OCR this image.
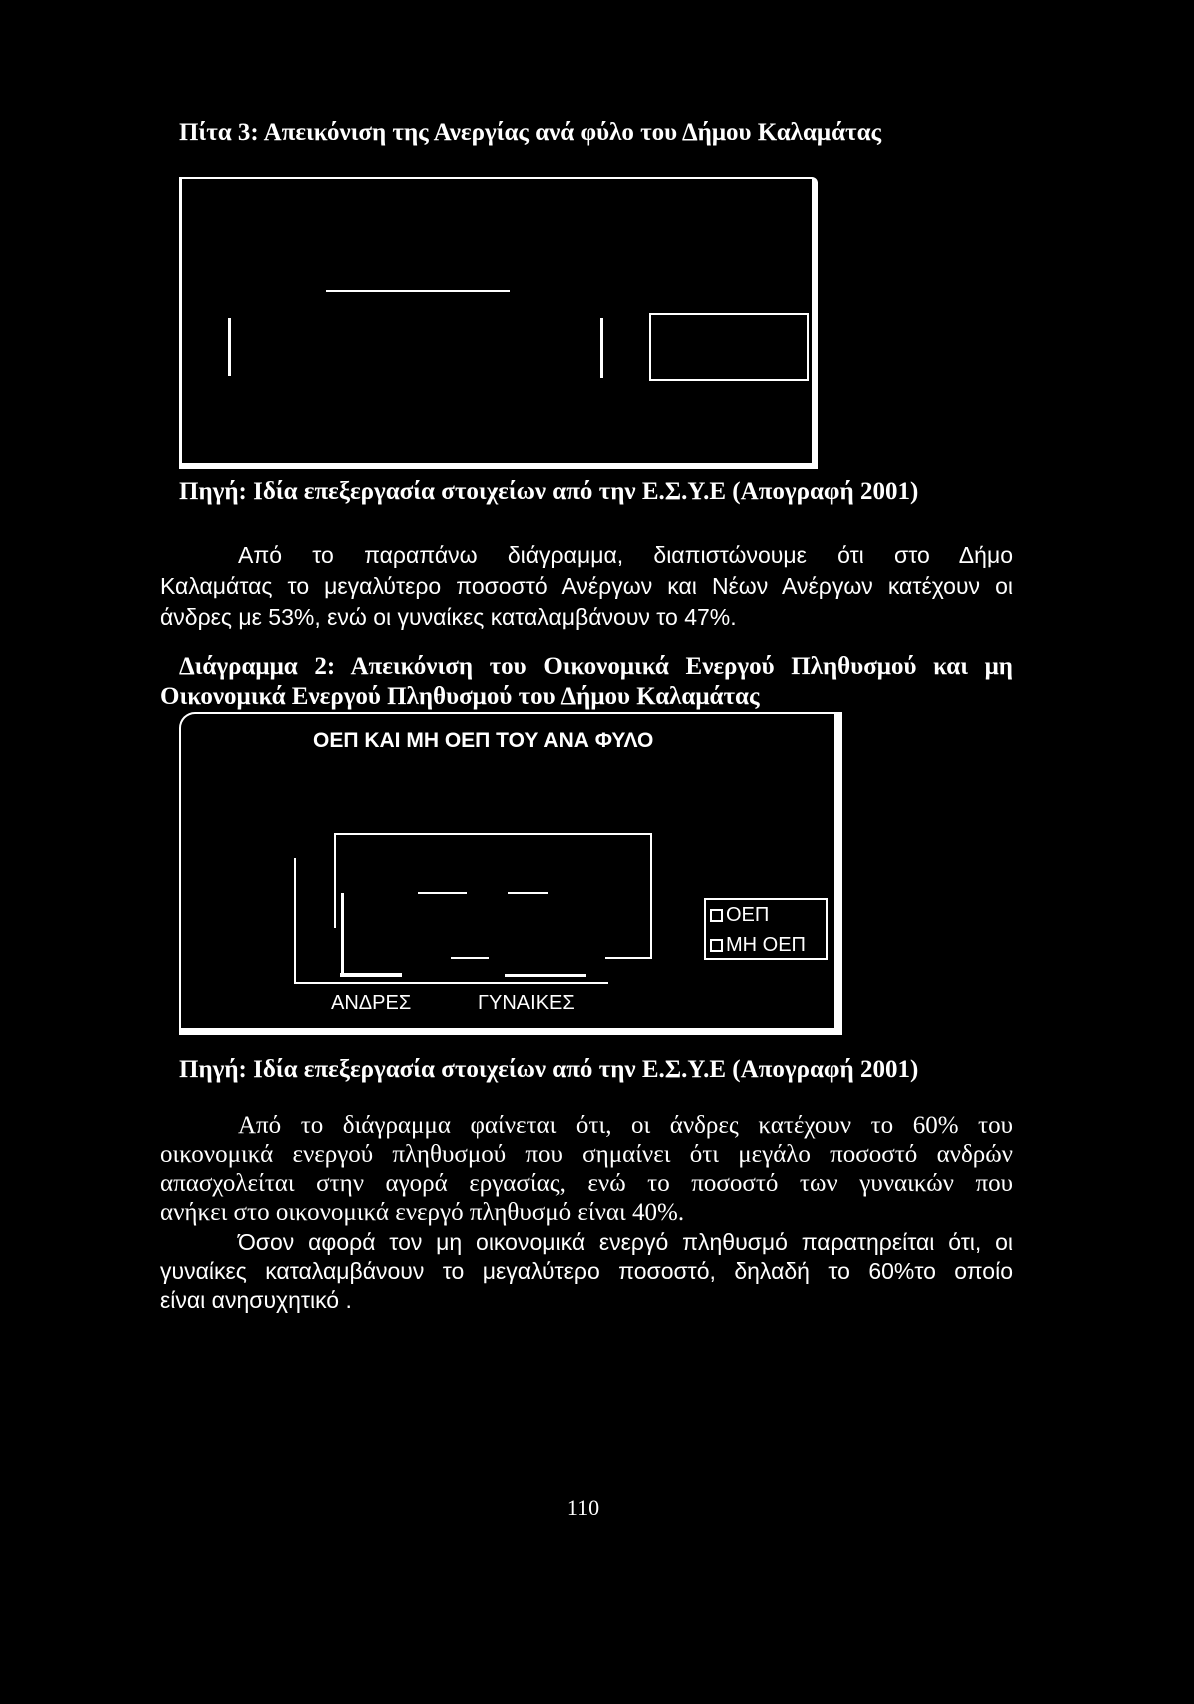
Πίτα 3: Απεικόνιση της Ανεργίας ανά φύλο του Δήμου Καλαμάτας
Πηγή: Ιδία επεξεργασία στοιχείων από την Ε.Σ.Υ.Ε (Απογραφή 2001)
Από το παραπάνω διάγραμμα, διαπιστώνουμε ότι στο Δήμο
Καλαμάτας το μεγαλύτερο ποσοστό Ανέργων και Νέων Ανέργων κατέχουν οι
άνδρες με 53%, ενώ οι γυναίκες καταλαμβάνουν το 47%.
Διάγραμμα 2: Απεικόνιση του Οικονομικά Ενεργού Πληθυσμού και μη
Οικονομικά Ενεργού Πληθυσμού του Δήμου Καλαμάτας
ΟΕΠ ΚΑΙ ΜΗ ΟΕΠ ΤΟΥ ΑΝΑ ΦΥΛΟ
ΟΕΠ
ΜΗ ΟΕΠ
ΑΝΔΡΕΣ	ΓΥΝΑΙΚΕΣ
Πηγή: Ιδία επεξεργασία στοιχείων από την Ε.Σ.Υ.Ε (Απογραφή 2001)
Από το διάγραμμα φαίνεται ότι, οι άνδρες κατέχουν το 60% του
οικονομικά ενεργού πληθυσμού που σημαίνει ότι μεγάλο ποσοστό ανδρών
απασχολείται στην αγορά εργασίας, ενώ το ποσοστό των γυναικών που
ανήκει στο οικονομικά ενεργό πληθυσμό είναι 40%.
Όσον αφορά τον μη οικονομικά ενεργό πληθυσμό παρατηρείται ότι, οι
γυναίκες καταλαμβάνουν το μεγαλύτερο ποσοστό, δηλαδή το 60%το οποίο
είναι ανησυχητικό .
110
